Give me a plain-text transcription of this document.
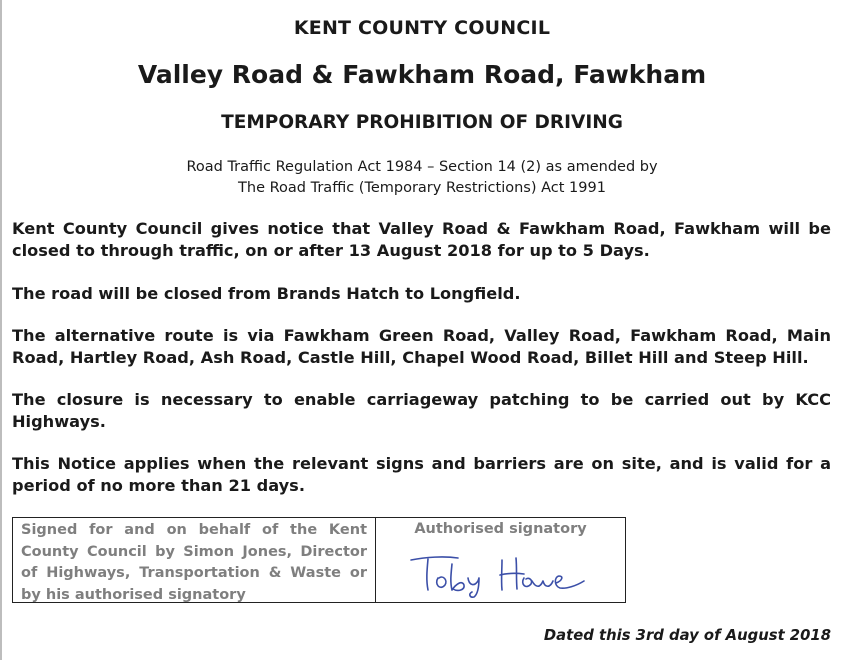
KENT COUNTY COUNCIL
Valley Road & Fawkham Road, Fawkham
TEMPORARY PROHIBITION OF DRIVING
Road Traffic Regulation Act 1984 – Section 14 (2) as amended by
The Road Traffic (Temporary Restrictions) Act 1991
Kent County Council gives notice that Valley Road & Fawkham Road, Fawkham will be closed to through traffic, on or after 13 August 2018 for up to 5 Days.
The road will be closed from Brands Hatch to Longfield.
The alternative route is via Fawkham Green Road, Valley Road, Fawkham Road, Main Road, Hartley Road, Ash Road, Castle Hill, Chapel Wood Road, Billet Hill and Steep Hill.
The closure is necessary to enable carriageway patching to be carried out by KCC Highways.
This Notice applies when the relevant signs and barriers are on site, and is valid for a period of no more than 21 days.
Signed for and on behalf of the Kent County Council by Simon Jones, Director of Highways, Transportation & Waste or by his authorised signatory
Authorised signatory
Dated this 3rd day of August 2018
